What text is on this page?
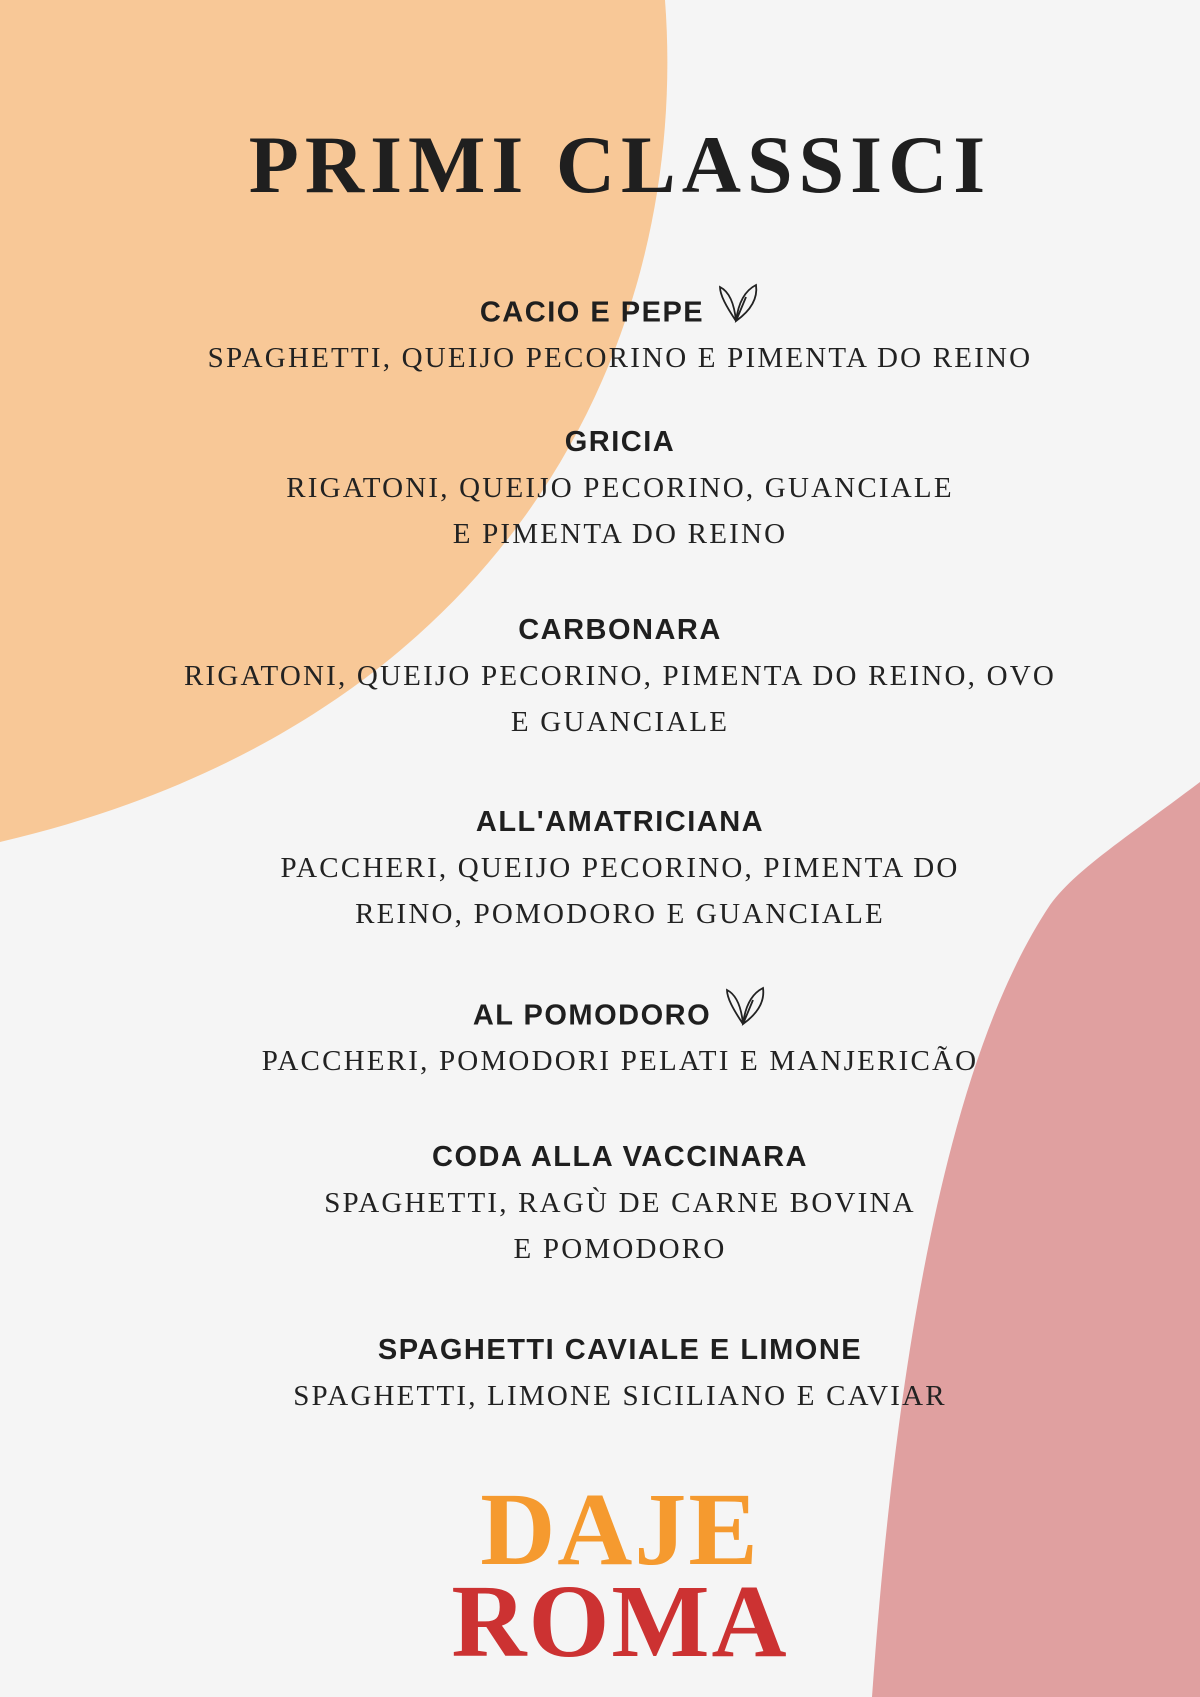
PRIMI CLASSICI
CACIO E PEPE
SPAGHETTI, QUEIJO PECORINO E PIMENTA DO REINO
GRICIA
RIGATONI, QUEIJO PECORINO, GUANCIALE
E PIMENTA DO REINO
CARBONARA
RIGATONI, QUEIJO PECORINO, PIMENTA DO REINO, OVO
E GUANCIALE
ALL'AMATRICIANA
PACCHERI, QUEIJO PECORINO, PIMENTA DO
REINO, POMODORO E GUANCIALE
AL POMODORO
PACCHERI, POMODORI PELATI E MANJERICÃO
CODA ALLA VACCINARA
SPAGHETTI, RAGÙ DE CARNE BOVINA
E POMODORO
SPAGHETTI CAVIALE E LIMONE
SPAGHETTI, LIMONE SICILIANO E CAVIAR
DAJE
ROMA
